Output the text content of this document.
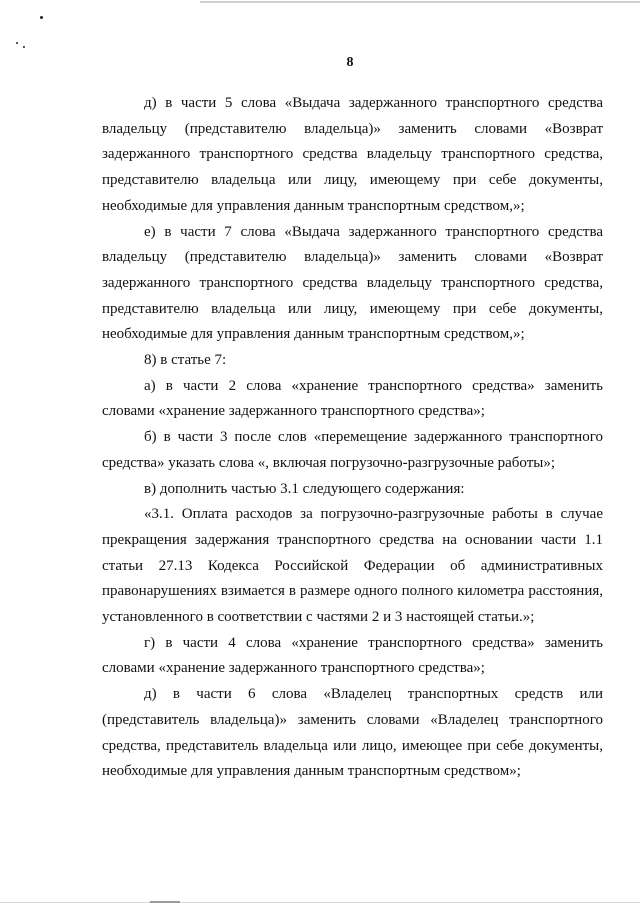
8

д) в части 5 слова «Выдача задержанного транспортного средства владельцу (представителю владельца)» заменить словами «Возврат задержанного транспортного средства владельцу транспортного средства, представителю владельца или лицу, имеющему при себе документы, необходимые для управления данным транспортным средством,»;

е) в части 7 слова «Выдача задержанного транспортного средства владельцу (представителю владельца)» заменить словами «Возврат задержанного транспортного средства владельцу транспортного средства, представителю владельца или лицу, имеющему при себе документы, необходимые для управления данным транспортным средством,»;

8) в статье 7:

а) в части 2 слова «хранение транспортного средства» заменить словами «хранение задержанного транспортного средства»;

б) в части 3 после слов «перемещение задержанного транспортного средства» указать слова «, включая погрузочно-разгрузочные работы»;

в) дополнить частью 3.1 следующего содержания:

«3.1. Оплата расходов за погрузочно-разгрузочные работы в случае прекращения задержания транспортного средства на основании части 1.1 статьи 27.13 Кодекса Российской Федерации об административных правонарушениях взимается в размере одного полного километра расстояния, установленного в соответствии с частями 2 и 3 настоящей статьи.»;

г) в части 4 слова «хранение транспортного средства» заменить словами «хранение задержанного транспортного средства»;

д) в части 6 слова «Владелец транспортных средств или (представитель владельца)» заменить словами «Владелец транспортного средства, представитель владельца или лицо, имеющее при себе документы, необходимые для управления данным транспортным средством»;
